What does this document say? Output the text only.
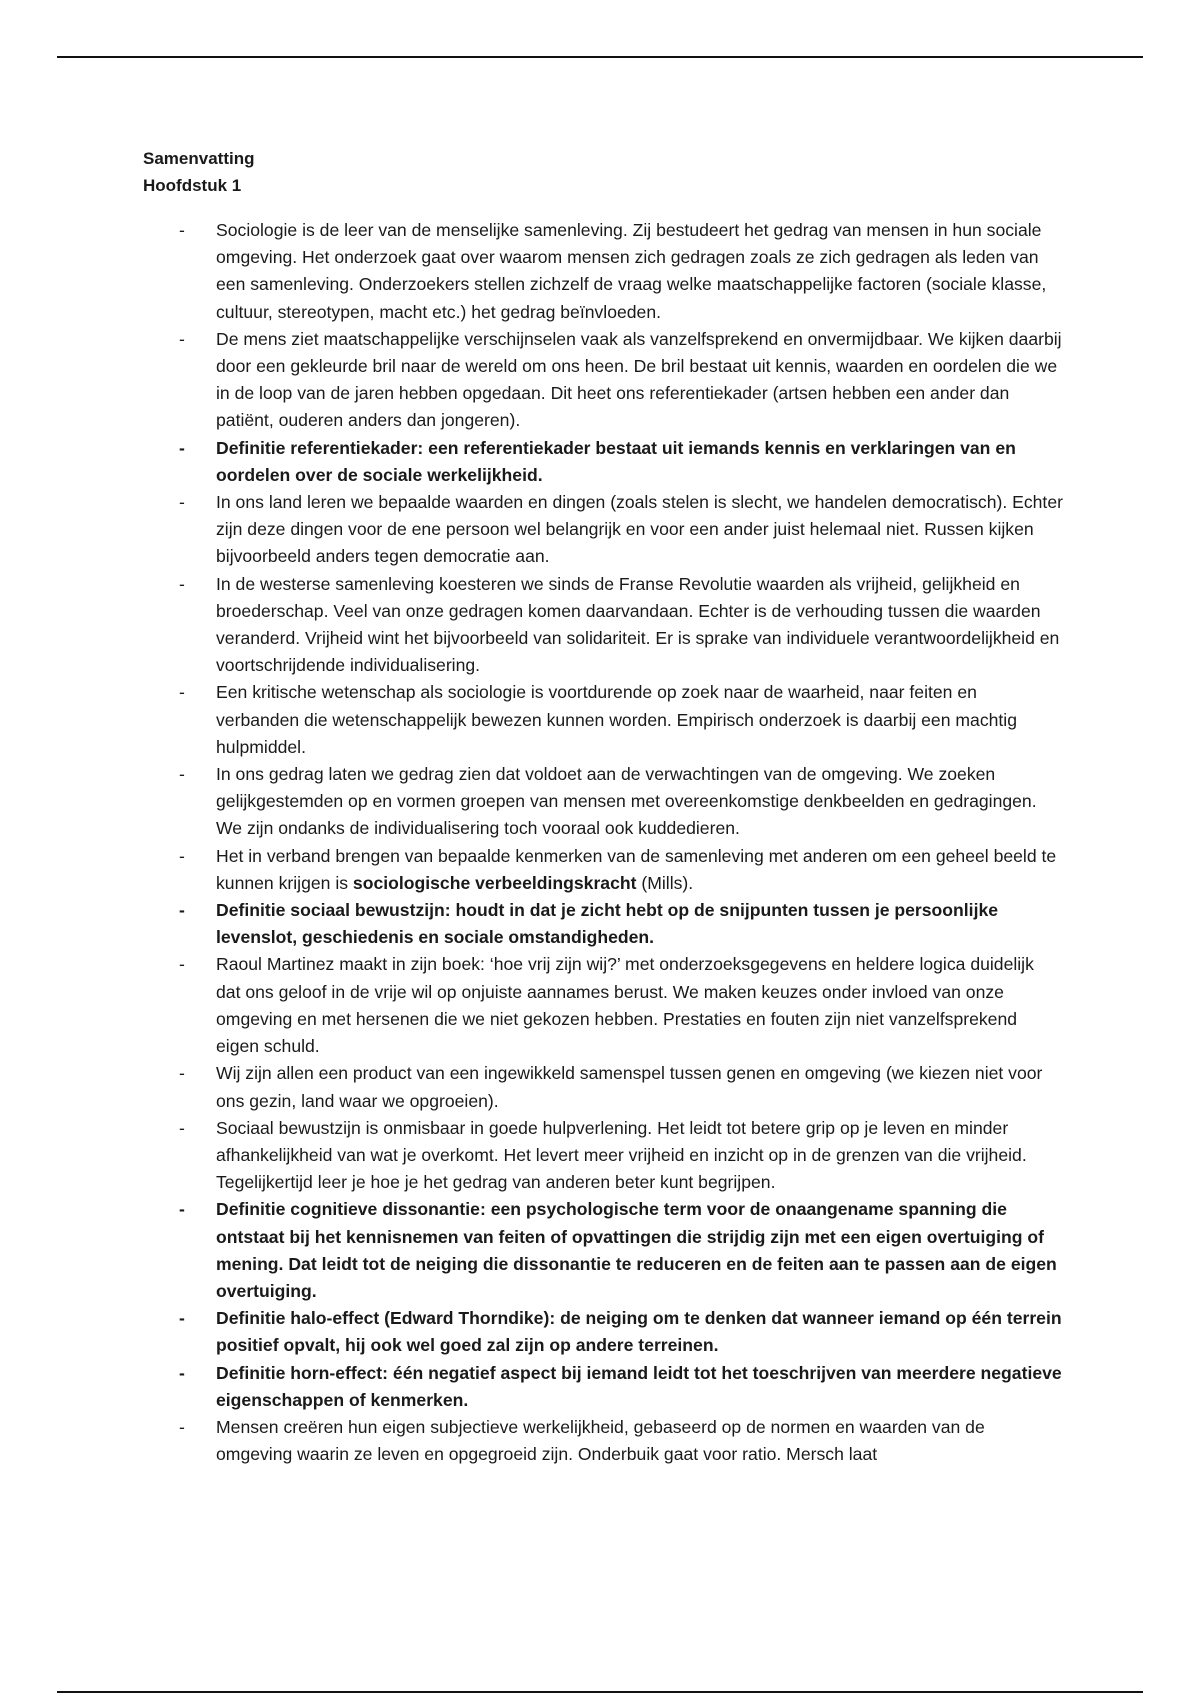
Samenvatting

Hoofdstuk 1

- Sociologie is de leer van de menselijke samenleving. Zij bestudeert het gedrag van mensen in hun sociale omgeving. Het onderzoek gaat over waarom mensen zich gedragen zoals ze zich gedragen als leden van een samenleving. Onderzoekers stellen zichzelf de vraag welke maatschappelijke factoren (sociale klasse, cultuur, stereotypen, macht etc.) het gedrag beïnvloeden.
- De mens ziet maatschappelijke verschijnselen vaak als vanzelfsprekend en onvermijdbaar. We kijken daarbij door een gekleurde bril naar de wereld om ons heen. De bril bestaat uit kennis, waarden en oordelen die we in de loop van de jaren hebben opgedaan. Dit heet ons referentiekader (artsen hebben een ander dan patiënt, ouderen anders dan jongeren).
- Definitie referentiekader: een referentiekader bestaat uit iemands kennis en verklaringen van en oordelen over de sociale werkelijkheid.
- In ons land leren we bepaalde waarden en dingen (zoals stelen is slecht, we handelen democratisch). Echter zijn deze dingen voor de ene persoon wel belangrijk en voor een ander juist helemaal niet. Russen kijken bijvoorbeeld anders tegen democratie aan.
- In de westerse samenleving koesteren we sinds de Franse Revolutie waarden als vrijheid, gelijkheid en broederschap. Veel van onze gedragen komen daarvandaan. Echter is de verhouding tussen die waarden veranderd. Vrijheid wint het bijvoorbeeld van solidariteit. Er is sprake van individuele verantwoordelijkheid en voortschrijdende individualisering.
- Een kritische wetenschap als sociologie is voortdurende op zoek naar de waarheid, naar feiten en verbanden die wetenschappelijk bewezen kunnen worden. Empirisch onderzoek is daarbij een machtig hulpmiddel.
- In ons gedrag laten we gedrag zien dat voldoet aan de verwachtingen van de omgeving. We zoeken gelijkgestemden op en vormen groepen van mensen met overeenkomstige denkbeelden en gedragingen. We zijn ondanks de individualisering toch vooraal ook kuddedieren.
- Het in verband brengen van bepaalde kenmerken van de samenleving met anderen om een geheel beeld te kunnen krijgen is sociologische verbeeldingskracht (Mills).
- Definitie sociaal bewustzijn: houdt in dat je zicht hebt op de snijpunten tussen je persoonlijke levenslot, geschiedenis en sociale omstandigheden.
- Raoul Martinez maakt in zijn boek: ‘hoe vrij zijn wij?’ met onderzoeksgegevens en heldere logica duidelijk dat ons geloof in de vrije wil op onjuiste aannames berust. We maken keuzes onder invloed van onze omgeving en met hersenen die we niet gekozen hebben. Prestaties en fouten zijn niet vanzelfsprekend eigen schuld.
- Wij zijn allen een product van een ingewikkeld samenspel tussen genen en omgeving (we kiezen niet voor ons gezin, land waar we opgroeien).
- Sociaal bewustzijn is onmisbaar in goede hulpverlening. Het leidt tot betere grip op je leven en minder afhankelijkheid van wat je overkomt. Het levert meer vrijheid en inzicht op in de grenzen van die vrijheid. Tegelijkertijd leer je hoe je het gedrag van anderen beter kunt begrijpen.
- Definitie cognitieve dissonantie: een psychologische term voor de onaangename spanning die ontstaat bij het kennisnemen van feiten of opvattingen die strijdig zijn met een eigen overtuiging of mening. Dat leidt tot de neiging die dissonantie te reduceren en de feiten aan te passen aan de eigen overtuiging.
- Definitie halo-effect (Edward Thorndike): de neiging om te denken dat wanneer iemand op één terrein positief opvalt, hij ook wel goed zal zijn op andere terreinen.
- Definitie horn-effect: één negatief aspect bij iemand leidt tot het toeschrijven van meerdere negatieve eigenschappen of kenmerken.
- Mensen creëren hun eigen subjectieve werkelijkheid, gebaseerd op de normen en waarden van de omgeving waarin ze leven en opgegroeid zijn. Onderbuik gaat voor ratio. Mersch laat
